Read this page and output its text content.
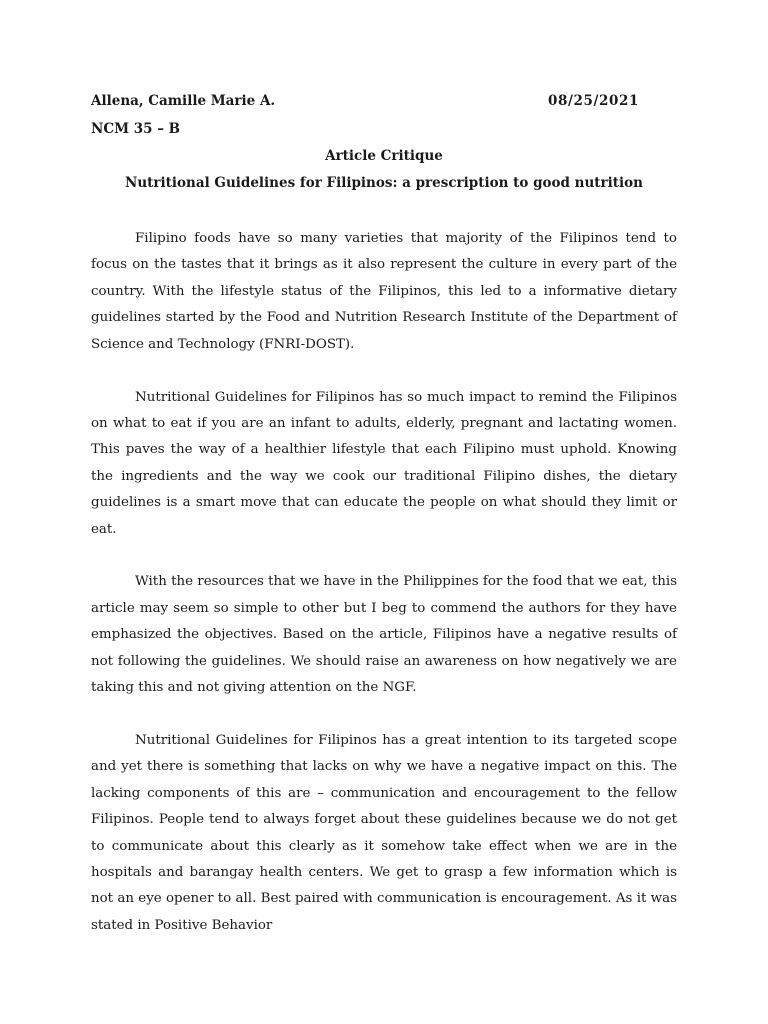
Allena, Camille Marie A.	08/25/2021
NCM 35 – B
Article Critique
Nutritional Guidelines for Filipinos: a prescription to good nutrition

Filipino foods have so many varieties that majority of the Filipinos tend to focus on the tastes that it brings as it also represent the culture in every part of the country. With the lifestyle status of the Filipinos, this led to a informative dietary guidelines started by the Food and Nutrition Research Institute of the Department of Science and Technology (FNRI-DOST).

Nutritional Guidelines for Filipinos has so much impact to remind the Filipinos on what to eat if you are an infant to adults, elderly, pregnant and lactating women. This paves the way of a healthier lifestyle that each Filipino must uphold. Knowing the ingredients and the way we cook our traditional Filipino dishes, the dietary guidelines is a smart move that can educate the people on what should they limit or eat.

With the resources that we have in the Philippines for the food that we eat, this article may seem so simple to other but I beg to commend the authors for they have emphasized the objectives. Based on the article, Filipinos have a negative results of not following the guidelines. We should raise an awareness on how negatively we are taking this and not giving attention on the NGF.

Nutritional Guidelines for Filipinos has a great intention to its targeted scope and yet there is something that lacks on why we have a negative impact on this. The lacking components of this are – communication and encouragement to the fellow Filipinos. People tend to always forget about these guidelines because we do not get to communicate about this clearly as it somehow take effect when we are in the hospitals and barangay health centers. We get to grasp a few information which is not an eye opener to all. Best paired with communication is encouragement. As it was stated in Positive Behavior
